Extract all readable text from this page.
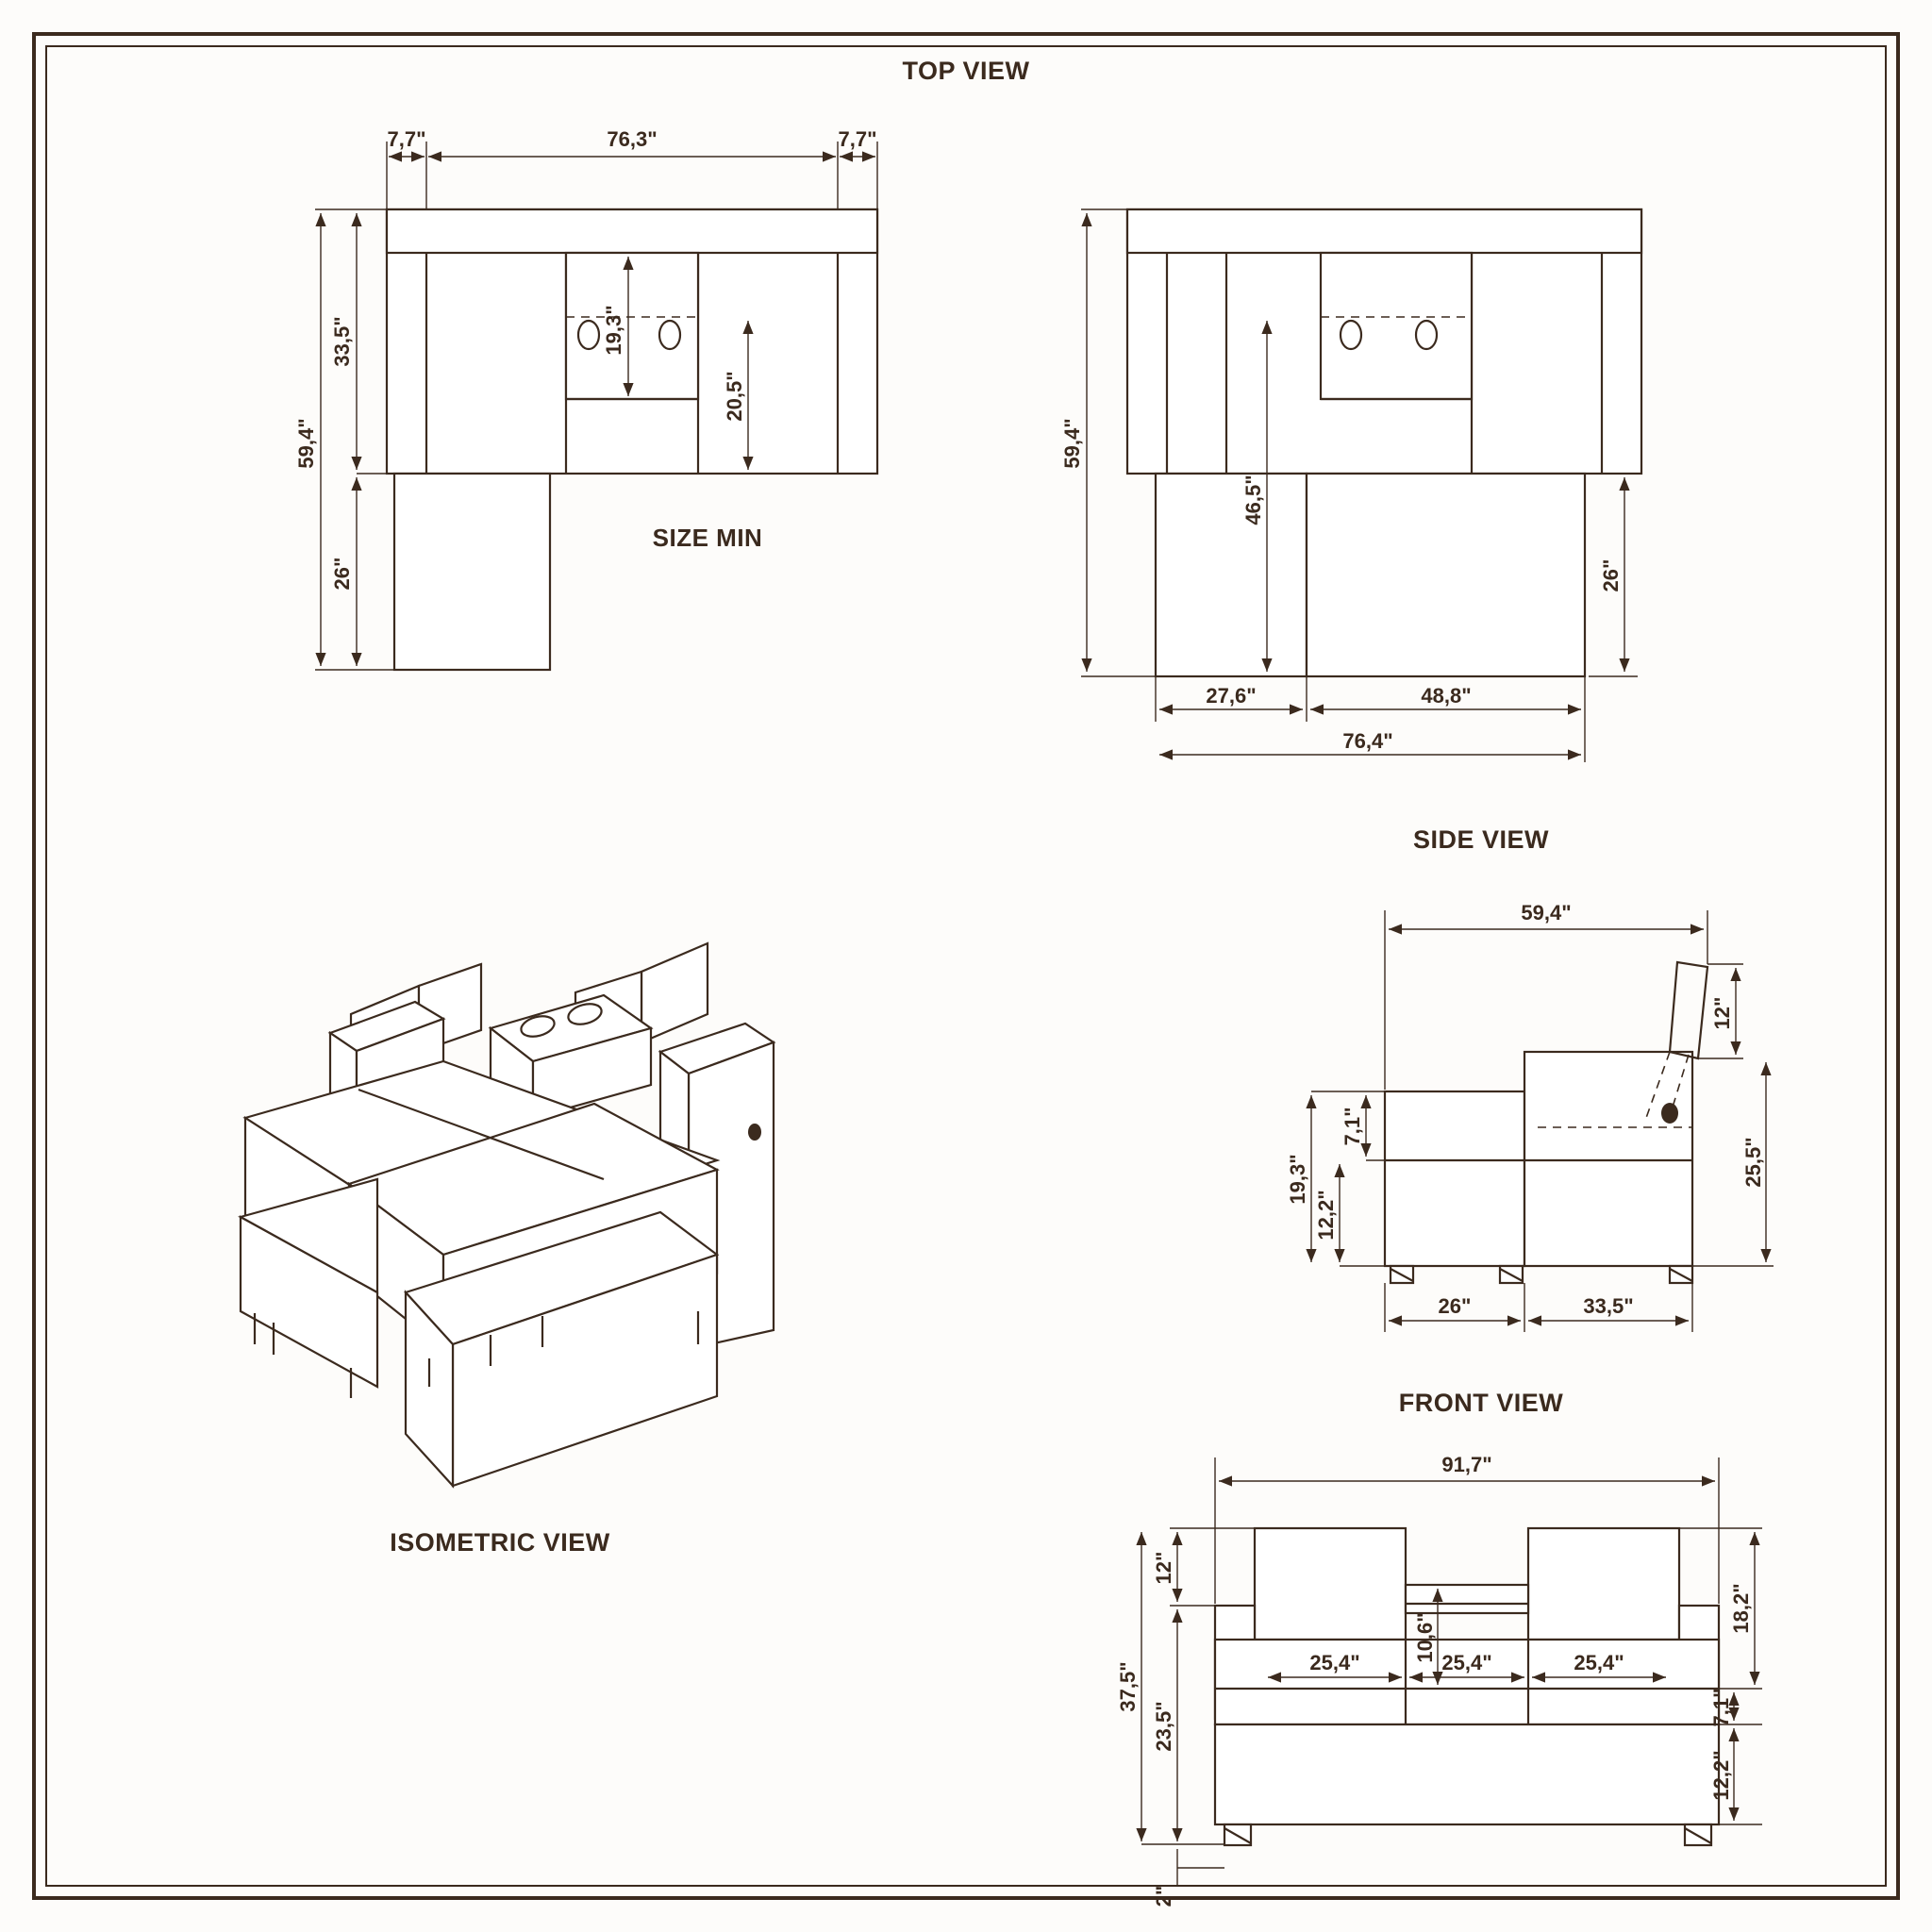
TOP VIEW
SIZE MIN
SIDE VIEW
FRONT VIEW
ISOMETRIC VIEW
7,7"	76,3"	7,7"
33,5"
26"
59,4"
19,3"
20,5"
59,4"
46,5"
26"
27,6"	48,8"
76,4"
59,4"
12"
25,5"
7,1"
12,2"
19,3"
26"	33,5"
91,7"
12"
37,5"
23,5"
2"
10,6"
18,2"
7,1"
12,2"
25,4"	25,4"	25,4"
